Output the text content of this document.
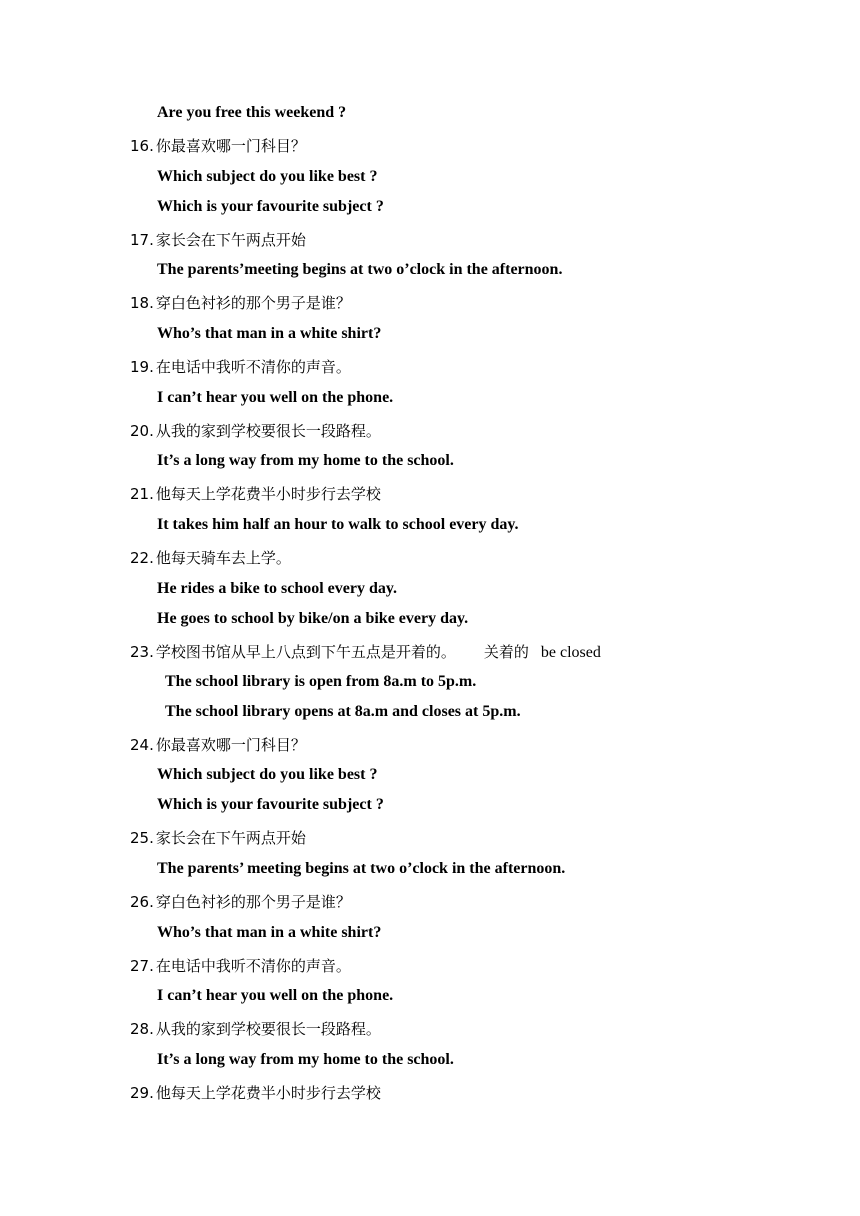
Are you free this weekend ?
16. 你最喜欢哪一门科目？
Which subject do you like best ?
Which is your favourite subject ?
17. 家长会在下午两点开始
The parents’meeting begins at two o’clock in the afternoon.
18. 穿白色衬衫的那个男子是谁？
Who’s that man in a white shirt?
19. 在电话中我听不清你的声音。
I can’t hear you well on the phone.
20. 从我的家到学校要很长一段路程。
It’s a long way from my home to the school.
21. 他每天上学花费半小时步行去学校
It takes him half an hour to walk to school every day.
22. 他每天骑车去上学。
He rides a bike to school every day.
He goes to school by bike/on a bike every day.
23. 学校图书馆从早上八点到下午五点是开着的。 关着的 be closed
The school library is open from 8a.m to 5p.m.
The school library opens at 8a.m and closes at 5p.m.
24. 你最喜欢哪一门科目？
Which subject do you like best ?
Which is your favourite subject ?
25. 家长会在下午两点开始
The parents’ meeting begins at two o’clock in the afternoon.
26. 穿白色衬衫的那个男子是谁？
Who’s that man in a white shirt?
27. 在电话中我听不清你的声音。
I can’t hear you well on the phone.
28. 从我的家到学校要很长一段路程。
It’s a long way from my home to the school.
29. 他每天上学花费半小时步行去学校
